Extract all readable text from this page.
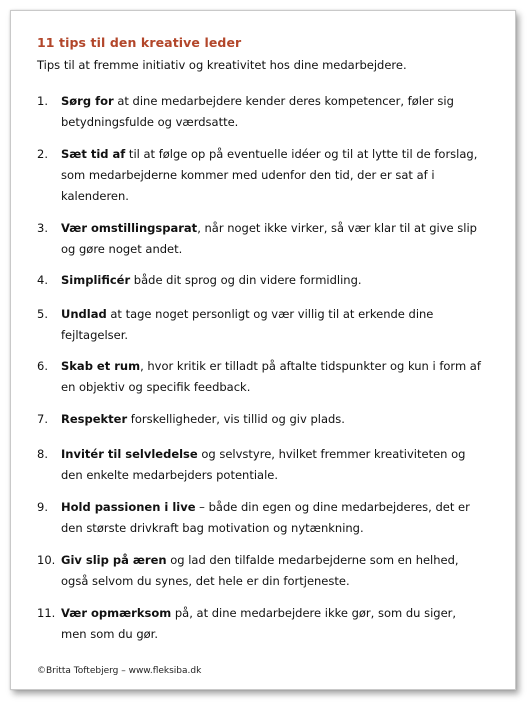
11 tips til den kreative leder
Tips til at fremme initiativ og kreativitet hos dine medarbejdere.
1. Sørg for at dine medarbejdere kender deres kompetencer, føler sig betydningsfulde og værdsatte.
2. Sæt tid af til at følge op på eventuelle idéer og til at lytte til de forslag, som medarbejderne kommer med udenfor den tid, der er sat af i kalenderen.
3. Vær omstillingsparat, når noget ikke virker, så vær klar til at give slip og gøre noget andet.
4. Simplificér både dit sprog og din videre formidling.
5. Undlad at tage noget personligt og vær villig til at erkende dine fejltagelser.
6. Skab et rum, hvor kritik er tilladt på aftalte tidspunkter og kun i form af en objektiv og specifik feedback.
7. Respekter forskelligheder, vis tillid og giv plads.
8. Invitér til selvledelse og selvstyre, hvilket fremmer kreativiteten og den enkelte medarbejders potentiale.
9. Hold passionen i live – både din egen og dine medarbejderes, det er den største drivkraft bag motivation og nytænkning.
10. Giv slip på æren og lad den tilfalde medarbejderne som en helhed, også selvom du synes, det hele er din fortjeneste.
11. Vær opmærksom på, at dine medarbejdere ikke gør, som du siger, men som du gør.
©Britta Toftebjerg – www.fleksiba.dk
